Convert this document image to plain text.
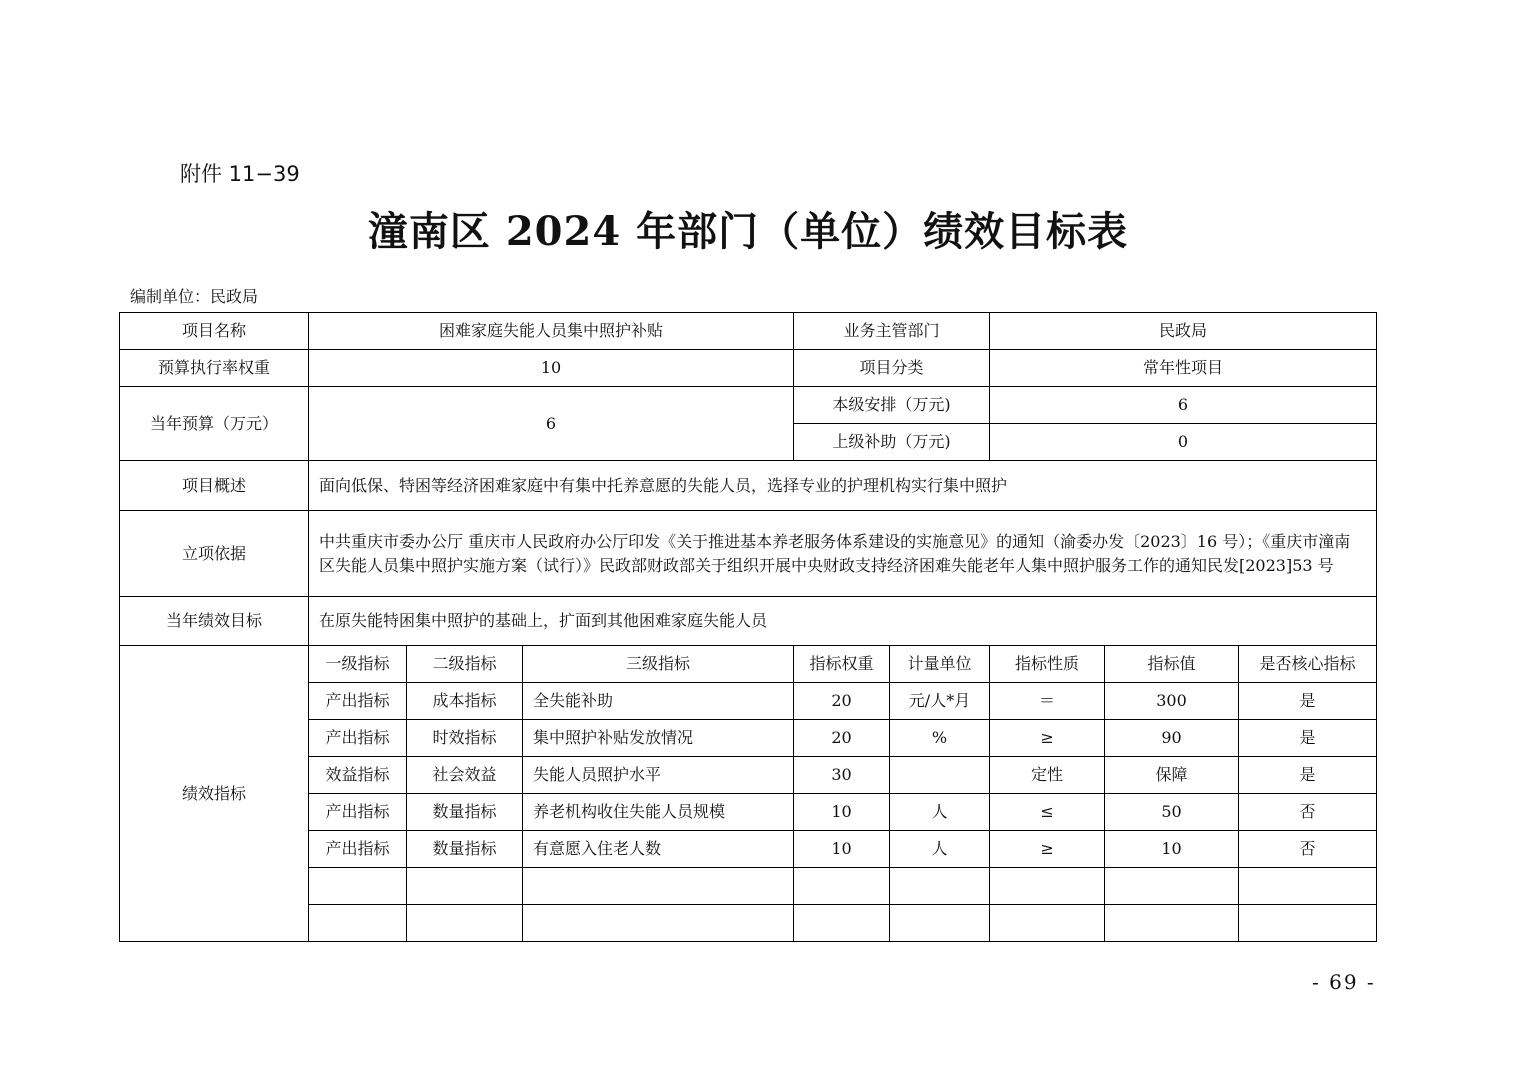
附件 11−39
潼南区 2024 年部门（单位）绩效目标表
编制单位：民政局
项目名称	困难家庭失能人员集中照护补贴			业务主管部门		民政局		
预算执行率权重	10			项目分类		常年性项目		
当年预算（万元）	6			本级安排（万元)		6		
				上级补助（万元)		0		
项目概述	面向低保、特困等经济困难家庭中有集中托养意愿的失能人员，选择专业的护理机构实行集中照护							
立项依据	中共重庆市委办公厅 重庆市人民政府办公厅印发《关于推进基本养老服务体系建设的实施意见》的通知（渝委办发〔2023〕16 号）；《重庆市潼南区失能人员集中照护实施方案（试行）》民政部财政部关于组织开展中央财政支持经济困难失能老年人集中照护服务工作的通知民发[2023]53 号							
当年绩效目标	在原失能特困集中照护的基础上，扩面到其他困难家庭失能人员							
绩效指标	一级指标	二级指标	三级指标	指标权重	计量单位	指标性质	指标值	是否核心指标
	产出指标	成本指标	全失能补助	20	元/人*月	＝	300	是
	产出指标	时效指标	集中照护补贴发放情况	20	%	≥	90	是
	效益指标	社会效益	失能人员照护水平	30		定性	保障	是
	产出指标	数量指标	养老机构收住失能人员规模	10	人	≤	50	否
	产出指标	数量指标	有意愿入住老人数	10	人	≥	10	否

- 69 -
